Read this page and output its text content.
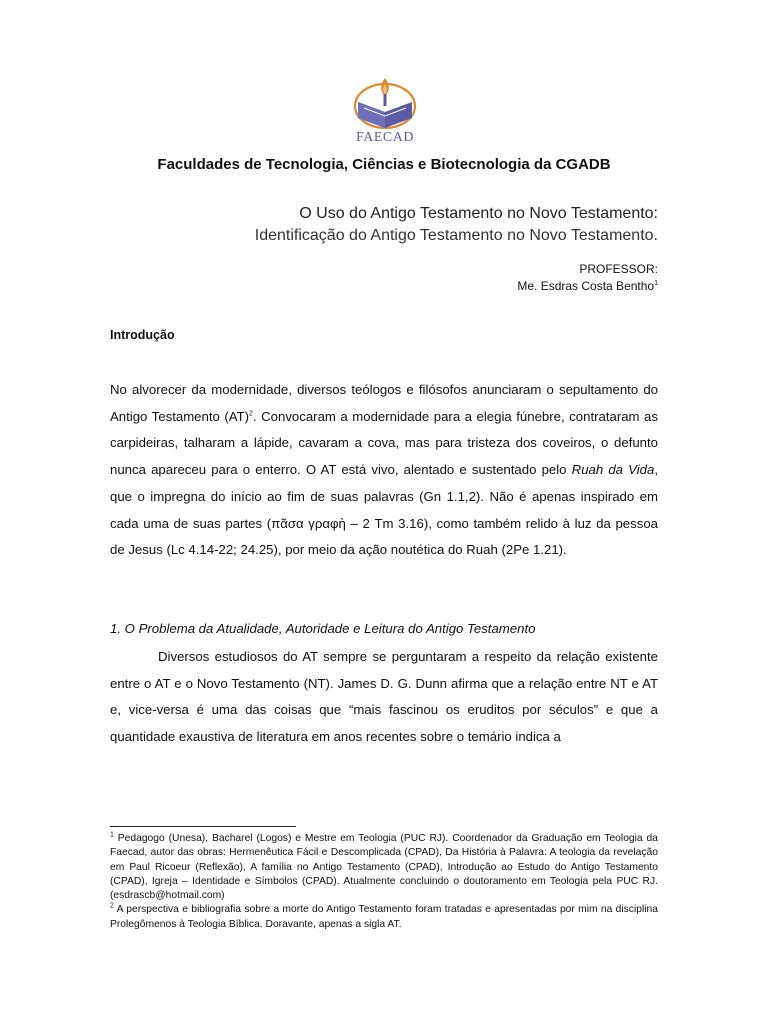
FAECAD
Faculdades de Tecnologia, Ciências e Biotecnologia da CGADB
O Uso do Antigo Testamento no Novo Testamento:
Identificação do Antigo Testamento no Novo Testamento.
PROFESSOR:
Me. Esdras Costa Bentho$^1$
Introdução
No alvorecer da modernidade, diversos teólogos e filósofos anunciaram o sepultamento do Antigo Testamento (AT)$^2$. Convocaram a modernidade para a elegia fúnebre, contrataram as carpideiras, talharam a lápide, cavaram a cova, mas para tristeza dos coveiros, o defunto nunca apareceu para o enterro. O AT está vivo, alentado e sustentado pelo Ruah da Vida, que o impregna do início ao fim de suas palavras (Gn 1.1,2). Não é apenas inspirado em cada uma de suas partes (πᾶσα γραφὴ – 2 Tm 3.16), como também relido à luz da pessoa de Jesus (Lc 4.14-22; 24.25), por meio da ação noutética do Ruah (2Pe 1.21).
1. O Problema da Atualidade, Autoridade e Leitura do Antigo Testamento
Diversos estudiosos do AT sempre se perguntaram a respeito da relação existente entre o AT e o Novo Testamento (NT). James D. G. Dunn afirma que a relação entre NT e AT e, vice-versa é uma das coisas que “mais fascinou os eruditos por séculos” e que a quantidade exaustiva de literatura em anos recentes sobre o temário indica a

$^1$ Pedagogo (Unesa), Bacharel (Logos) e Mestre em Teologia (PUC RJ). Coordenador da Graduação em Teologia da Faecad, autor das obras: Hermenêutica Fácil e Descomplicada (CPAD), Da História à Palavra: A teologia da revelação em Paul Ricoeur (Reflexão), A família no Antigo Testamento (CPAD), Introdução ao Estudo do Antigo Testamento (CPAD), Igreja – Identidade e Símbolos (CPAD). Atualmente concluindo o doutoramento em Teologia pela PUC RJ. (esdrascb@hotmail.com)

$^2$ A perspectiva e bibliografia sobre a morte do Antigo Testamento foram tratadas e apresentadas por mim na disciplina Prolegômenos à Teologia Bíblica. Doravante, apenas a sigla AT.
